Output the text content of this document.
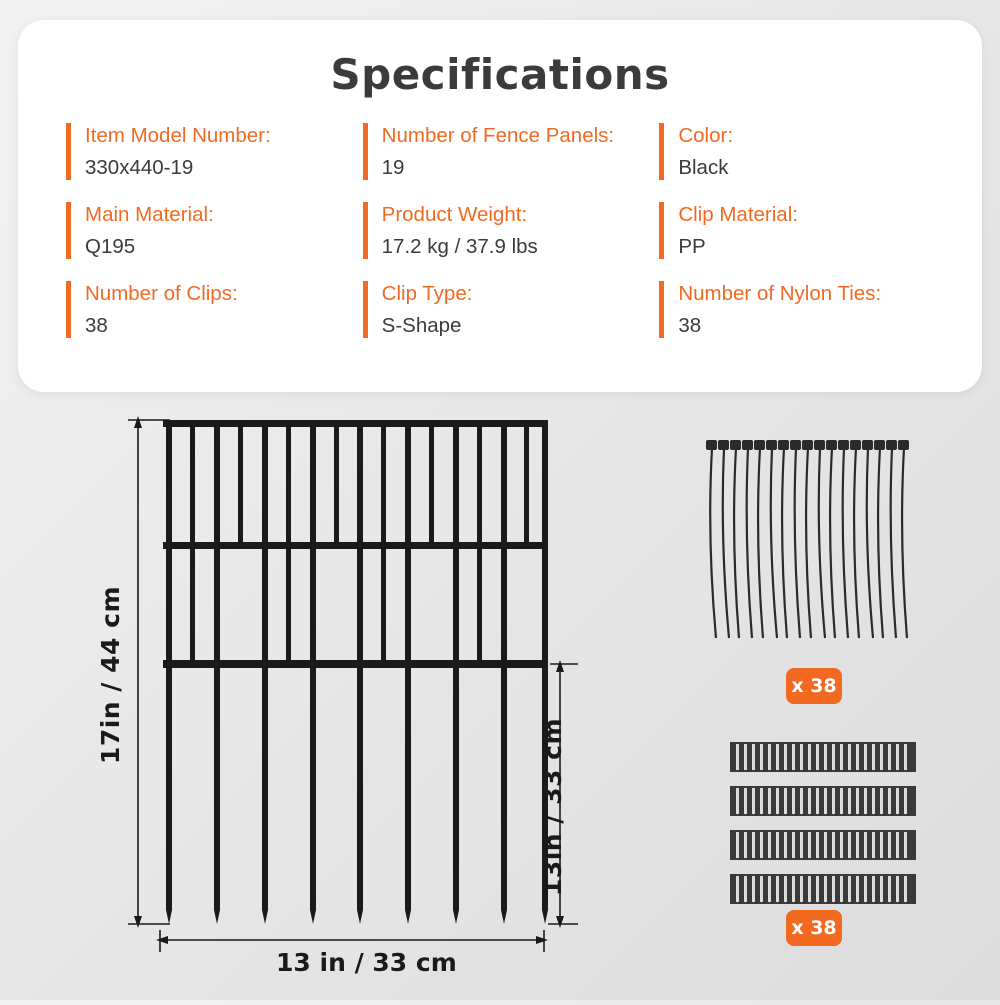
Specifications
Item Model Number:
330x440-19
Number of Fence Panels:
19
Color:
Black
Main Material:
Q195
Product Weight:
17.2 kg / 37.9 lbs
Clip Material:
PP
Number of Clips:
38
Clip Type:
S-Shape
Number of Nylon Ties:
38
17in / 44 cm
13in / 33 cm
13 in / 33 cm
x 38
x 38
